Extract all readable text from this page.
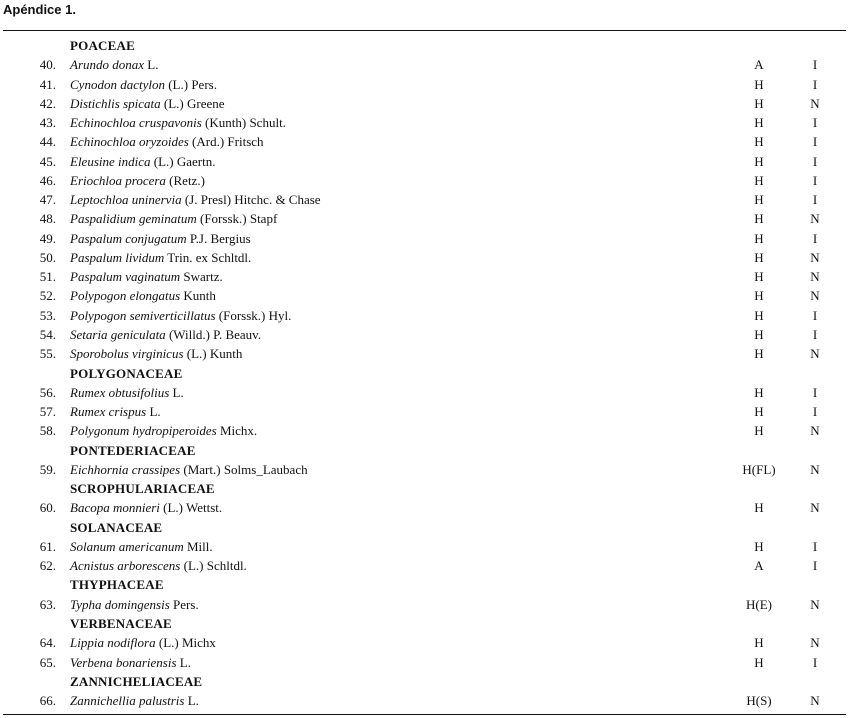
Apéndice 1.
POACEAE
40. Arundo donax L.	A	I
41. Cynodon dactylon (L.) Pers.	H	I
42. Distichlis spicata (L.) Greene	H	N
43. Echinochloa cruspavonis (Kunth) Schult.	H	I
44. Echinochloa oryzoides (Ard.) Fritsch	H	I
45. Eleusine indica (L.) Gaertn.	H	I
46. Eriochloa procera (Retz.)	H	I
47. Leptochloa uninervia (J. Presl) Hitchc. & Chase	H	I
48. Paspalidium geminatum (Forssk.) Stapf	H	N
49. Paspalum conjugatum P.J. Bergius	H	I
50. Paspalum lividum Trin. ex Schltdl.	H	N
51. Paspalum vaginatum Swartz.	H	N
52. Polypogon elongatus Kunth	H	N
53. Polypogon semiverticillatus (Forssk.) Hyl.	H	I
54. Setaria geniculata (Willd.) P. Beauv.	H	I
55. Sporobolus virginicus (L.) Kunth	H	N
POLYGONACEAE
56. Rumex obtusifolius L.	H	I
57. Rumex crispus L.	H	I
58. Polygonum hydropiperoides Michx.	H	N
PONTEDERIACEAE
59. Eichhornia crassipes (Mart.) Solms_Laubach	H(FL)	N
SCROPHULARIACEAE
60. Bacopa monnieri (L.) Wettst.	H	N
SOLANACEAE
61. Solanum americanum Mill.	H	I
62. Acnistus arborescens (L.) Schltdl.	A	I
THYPHACEAE
63. Typha domingensis Pers.	H(E)	N
VERBENACEAE
64. Lippia nodiflora (L.) Michx	H	N
65. Verbena bonariensis L.	H	I
ZANNICHELIACEAE
66. Zannichellia palustris L.	H(S)	N
